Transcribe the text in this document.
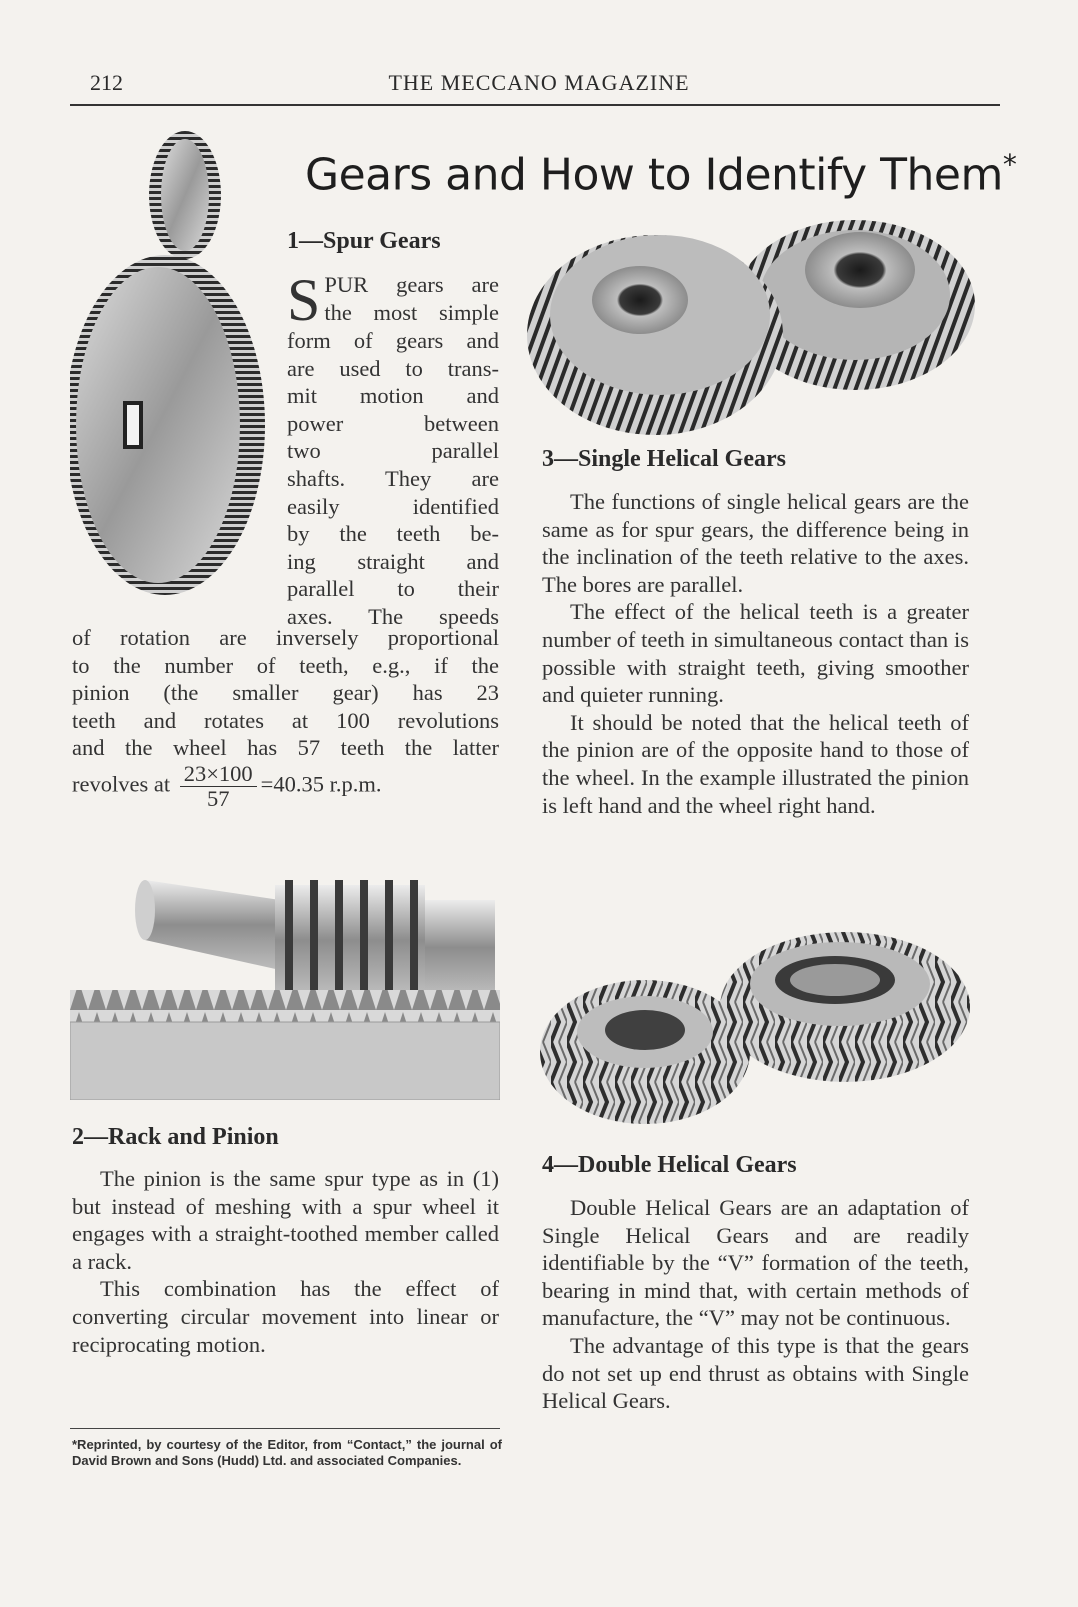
212	THE MECCANO MAGAZINE
Gears and How to Identify Them*
1—Spur Gears
S PUR gears are
the most simple
form of gears and
are used to trans-
mit motion and
power between
two parallel
shafts. They are
easily identified
by the teeth be-
ing straight and
parallel to their
axes. The speeds
of rotation are inversely proportional
to the number of teeth, e.g., if the
pinion (the smaller gear) has 23
teeth and rotates at 100 revolutions
and the wheel has 57 teeth the latter
revolves at $\frac{23\times 100}{57} =40.35$ r.p.m.
2—Rack and Pinion

The pinion is the same spur type as in (1) but instead of meshing with a spur wheel it engages with a straight-toothed member called a rack.

This combination has the effect of converting circular movement into linear or reciprocating motion.

*Reprinted, by courtesy of the Editor, from “Contact,” the journal of David Brown and Sons (Hudd) Ltd. and associated Companies.
3—Single Helical Gears

The functions of single helical gears are the same as for spur gears, the difference being in the inclination of the teeth relative to the axes. The bores are parallel.

The effect of the helical teeth is a greater number of teeth in simultaneous contact than is possible with straight teeth, giving smoother and quieter running.

It should be noted that the helical teeth of the pinion are of the opposite hand to those of the wheel. In the example illustrated the pinion is left hand and the wheel right hand.

4—Double Helical Gears

Double Helical Gears are an adaptation of Single Helical Gears and are readily identifiable by the “V” formation of the teeth, bearing in mind that, with certain methods of manufacture, the “V” may not be continuous.

The advantage of this type is that the gears do not set up end thrust as obtains with Single Helical Gears.
